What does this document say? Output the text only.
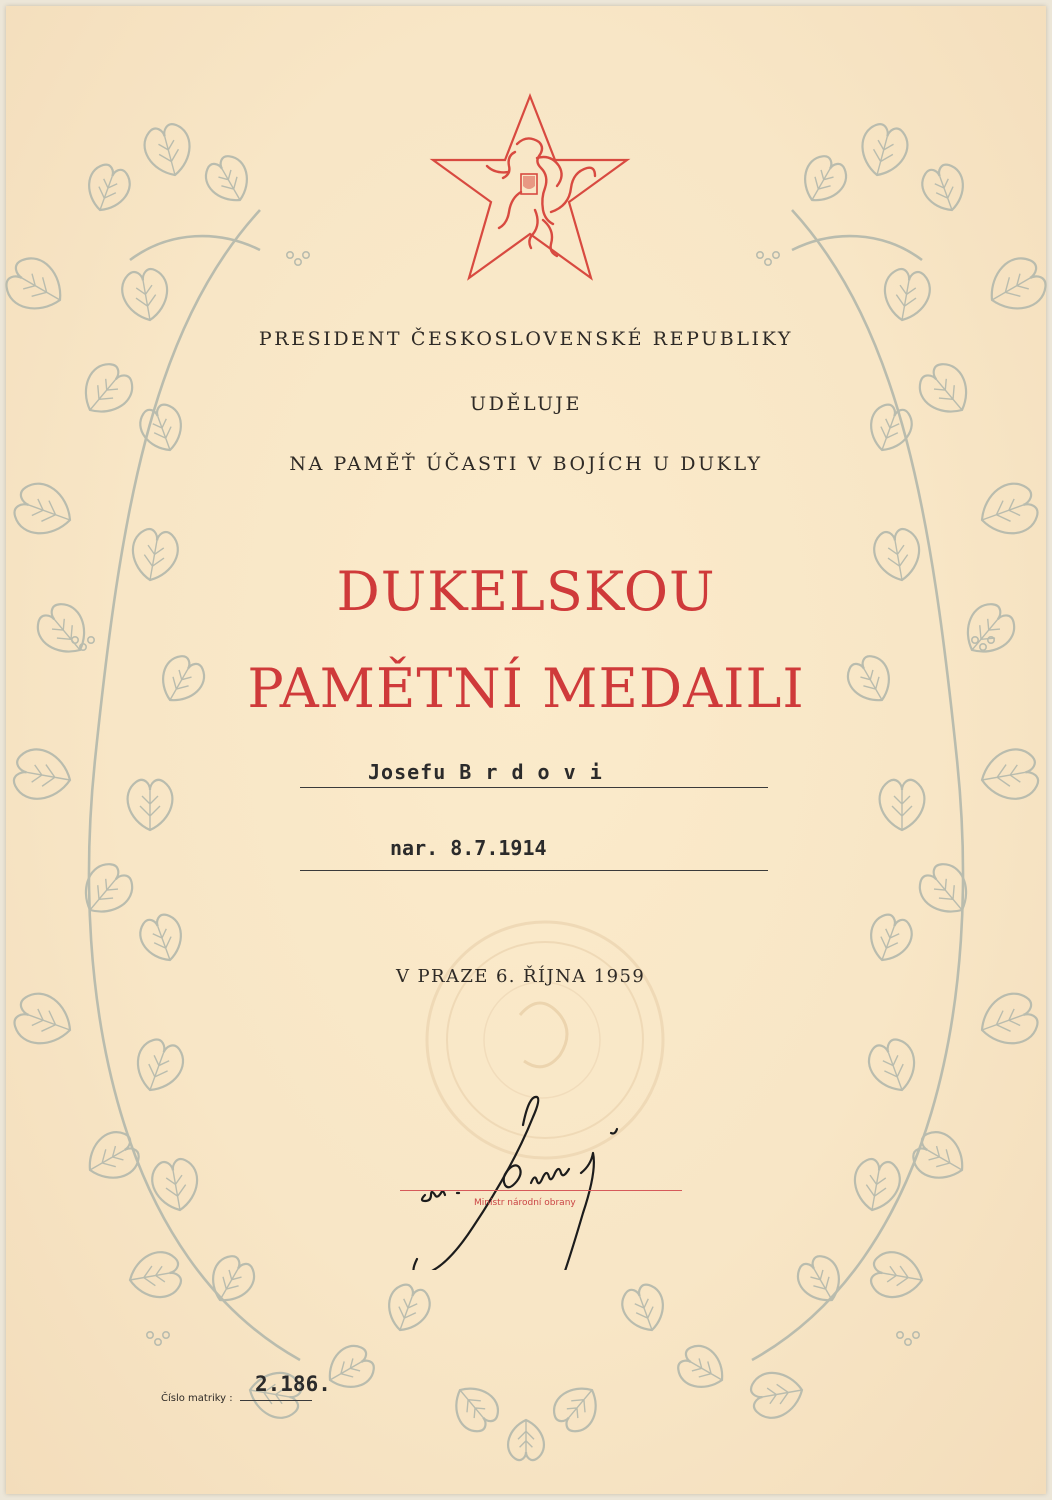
PRESIDENT ČESKOSLOVENSKÉ REPUBLIKY
UDĚLUJE
NA PAMĚŤ ÚČASTI V BOJÍCH U DUKLY
DUKELSKOU
PAMĚTNÍ MEDAILI
Josefu B r d o v i
nar. 8.7.1914
V PRAZE 6. ŘÍJNA 1959
Ministr národní obrany
Číslo matriky :
2.186.
